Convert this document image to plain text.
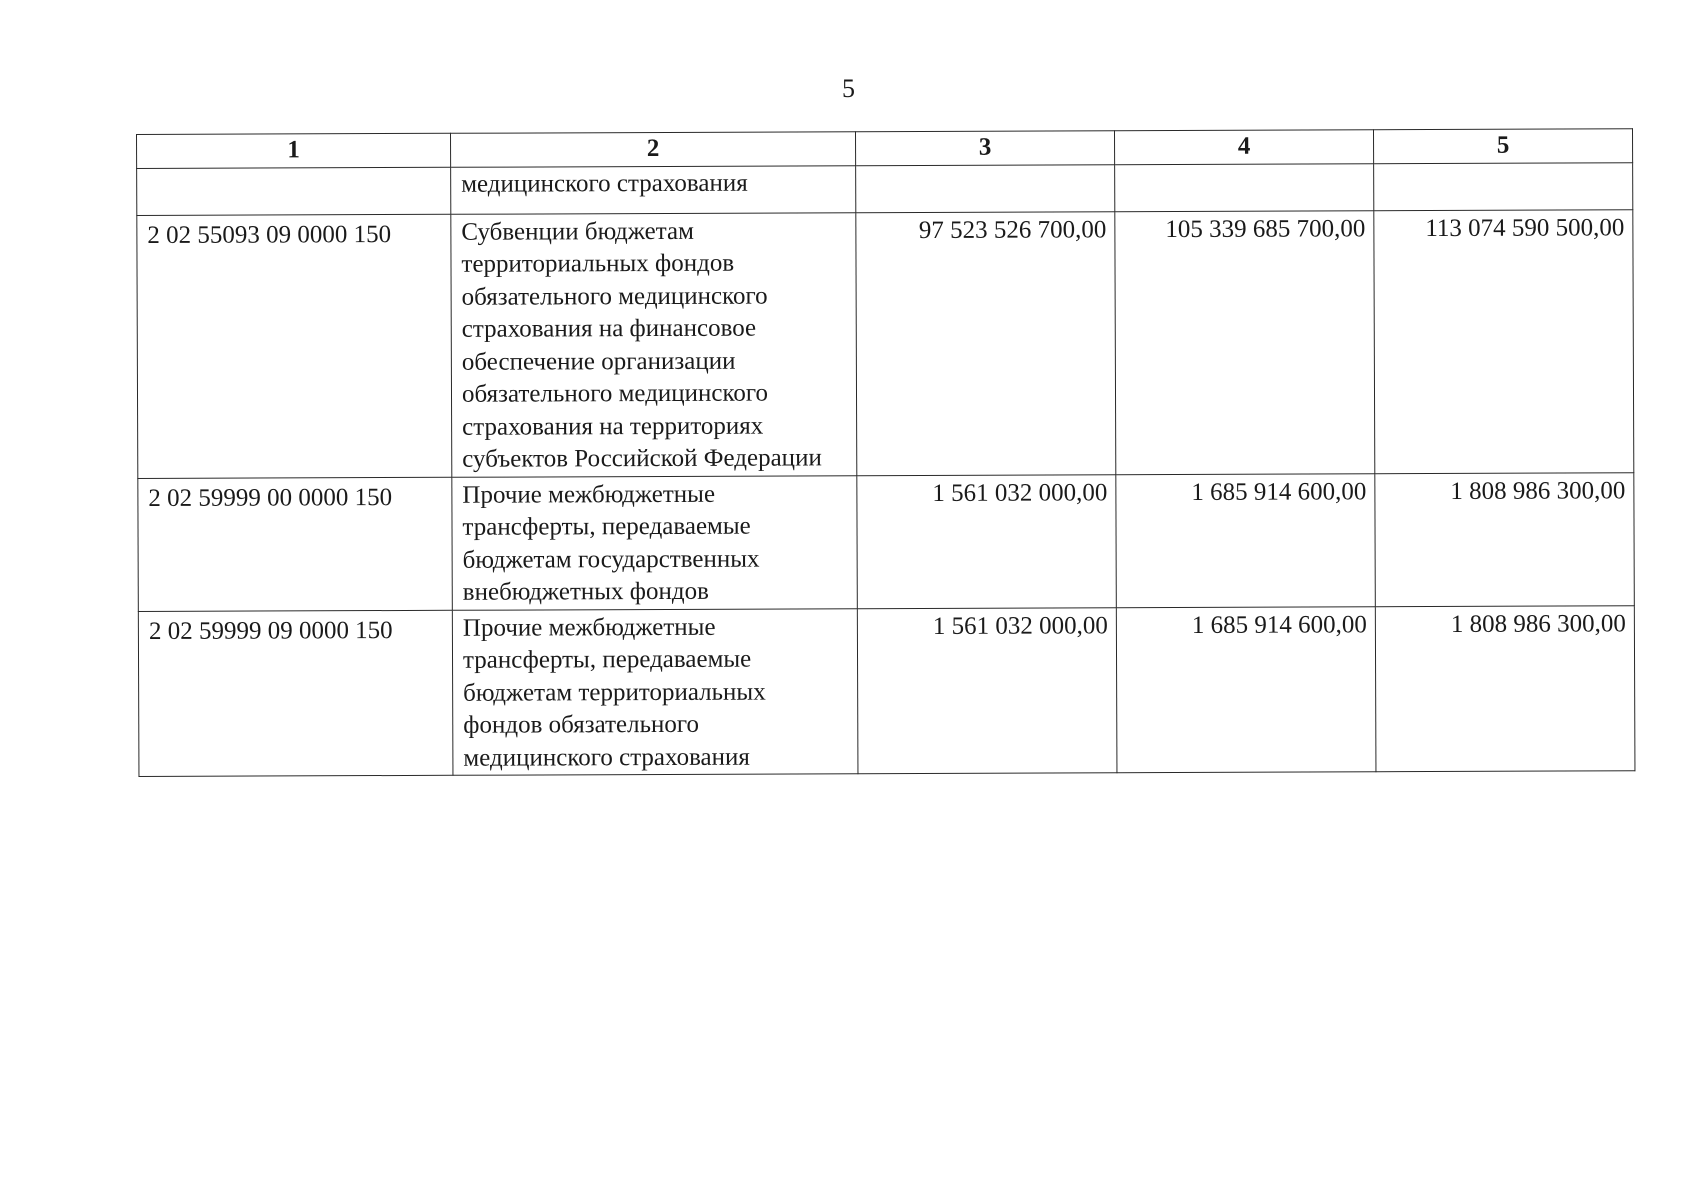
5
1	2	3	4	5
	медицинского страхования			
2 02 55093 09 0000 150	Субвенции бюджетам территориальных фондов обязательного медицинского страхования на финансовое обеспечение организации обязательного медицинского страхования на территориях субъектов Российской Федерации	97 523 526 700,00	105 339 685 700,00	113 074 590 500,00
2 02 59999 00 0000 150	Прочие межбюджетные трансферты, передаваемые бюджетам государственных внебюджетных фондов	1 561 032 000,00	1 685 914 600,00	1 808 986 300,00
2 02 59999 09 0000 150	Прочие межбюджетные трансферты, передаваемые бюджетам территориальных фондов обязательного медицинского страхования	1 561 032 000,00	1 685 914 600,00	1 808 986 300,00
